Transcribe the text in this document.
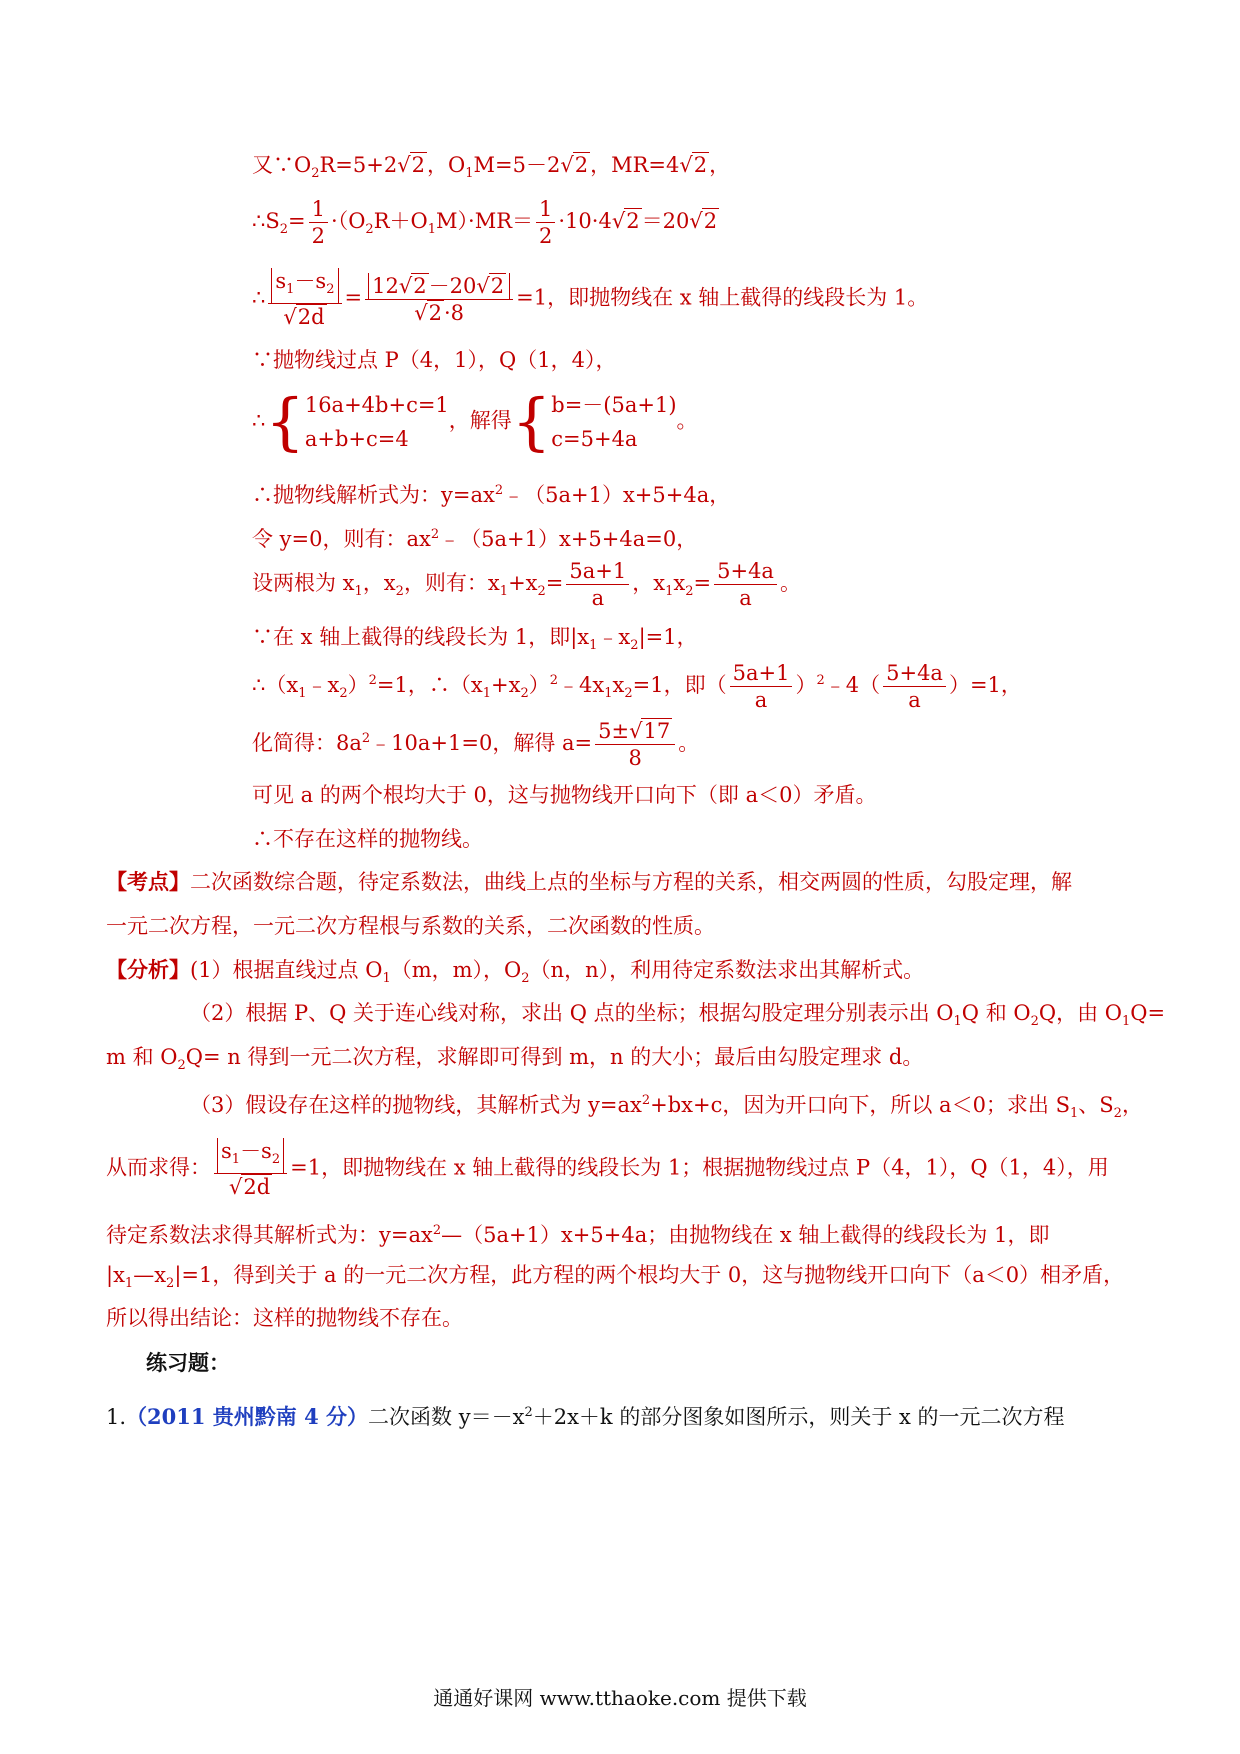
又$\because O_2R=5+2√2$，$O_1M=5-2√2$，MR=4√2，
$\therefore S_2= \frac{1}{2} \cdot(O_2R+O_1M)\cdot MR= \frac{1}{2} \cdot 10\cdot 4√2=20√2$
∴ $\frac{s_1-s_2}{√2d} = \frac{12√2-20√2}{√2\cdot 8} =1$，即抛物线在 x 轴上截得的线段长为 1。
∵抛物线过点 P（4，1），Q（1，4），
∴{ 16a+4b+c=1
a+b+c=4
，解得{ b=－(5a+1)
c=5+4a
。
∴抛物线解析式为：$y=ax^2﹣(5a+1)x+5+4a$，
令 y=0，则有：$ax^2﹣(5a+1)x+5+4a=0$，
设两根为 $x_1$，$x_2$，则有：$x_1+x_2= \frac{5a+1}{a}$ ，$x_1x_2= \frac{5+4a}{a}$ 。
∵在 x 轴上截得的线段长为 1，即$|x_1﹣x_2|=1$，
$\therefore(x_1﹣x_2)^2=1$，$\therefore(x_1+x_2)^2﹣4x_1x_2=1$，即（ $\frac{5a+1}{a}$ ）$^2$﹣4（ $\frac{5+4a}{a} )=1$，
化简得：$8a^2﹣10a+1=0$，解得 $a= \frac{5\pm√17}{8}$ 。
可见 a 的两个根均大于 0，这与抛物线开口向下（即 a＜0）矛盾。
∴不存在这样的抛物线。
【考点】二次函数综合题，待定系数法，曲线上点的坐标与方程的关系，相交两圆的性质，勾股定理，解
一元二次方程，一元二次方程根与系数的关系，二次函数的性质。
【分析】(1）根据直线过点 $O_1(m$，m），$O_2(n$，n），利用待定系数法求出其解析式。
（2）根据 P、Q 关于连心线对称，求出 Q 点的坐标；根据勾股定理分别表示出 $O_1Q$ 和 $O_2Q$，由 $O_1Q=$
m 和 $O_2Q= n$ 得到一元二次方程，求解即可得到 m，n 的大小；最后由勾股定理求 d。
（3）假设存在这样的抛物线，其解析式为 $y=ax^2+bx+c$，因为开口向下，所以 a＜0；求出 $S_1$、$S_2$，
从而求得： $\frac{s_1-s_2}{√2d} =1$，即抛物线在 x 轴上截得的线段长为 1；根据抛物线过点 P（4，1），Q（1，4），用
待定系数法求得其解析式为：$y=ax^2—(5a+1)x+5+4a$；由抛物线在 x 轴上截得的线段长为 1，即
$|x_1—x_2|=1$，得到关于 a 的一元二次方程，此方程的两个根均大于 0，这与抛物线开口向下（a＜0）相矛盾，
所以得出结论：这样的抛物线不存在。
练习题：
1.（2011 贵州黔南 4 分）二次函数 $y=-x^2+2x+k$ 的部分图象如图所示，则关于 x 的一元二次方程
通通好课网 www.tthaoke.com 提供下载
